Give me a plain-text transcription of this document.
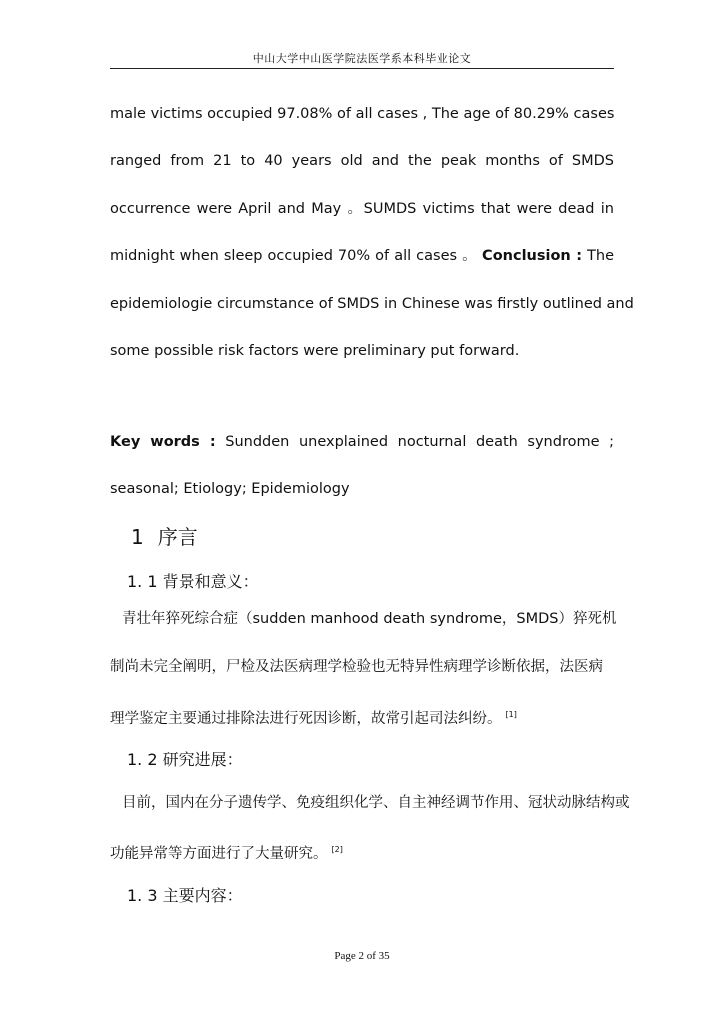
中山大学中山医学院法医学系本科毕业论文
male victims occupied 97.08% of all cases , The age of 80.29% cases
ranged from 21 to 40 years old and the peak months of SMDS
occurrence were April and May 。SUMDS victims that were dead in
midnight when sleep occupied 70% of all cases 。 Conclusion : The
epidemiologie circumstance of SMDS in Chinese was firstly outlined and
some possible risk factors were preliminary put forward.
Key words : Sundden unexplained nocturnal death syndrome ;
seasonal; Etiology; Epidemiology
1 序言
1. 1 背景和意义：
青壮年猝死综合症（sudden manhood death syndrome，SMDS）猝死机
制尚未完全阐明，尸检及法医病理学检验也无特异性病理学诊断依据，法医病
理学鉴定主要通过排除法进行死因诊断，故常引起司法纠纷。 [1]
1. 2 研究进展：
目前，国内在分子遗传学、免疫组织化学、自主神经调节作用、冠状动脉结构或
功能异常等方面进行了大量研究。 [2]
1. 3 主要内容：
Page 2 of 35
